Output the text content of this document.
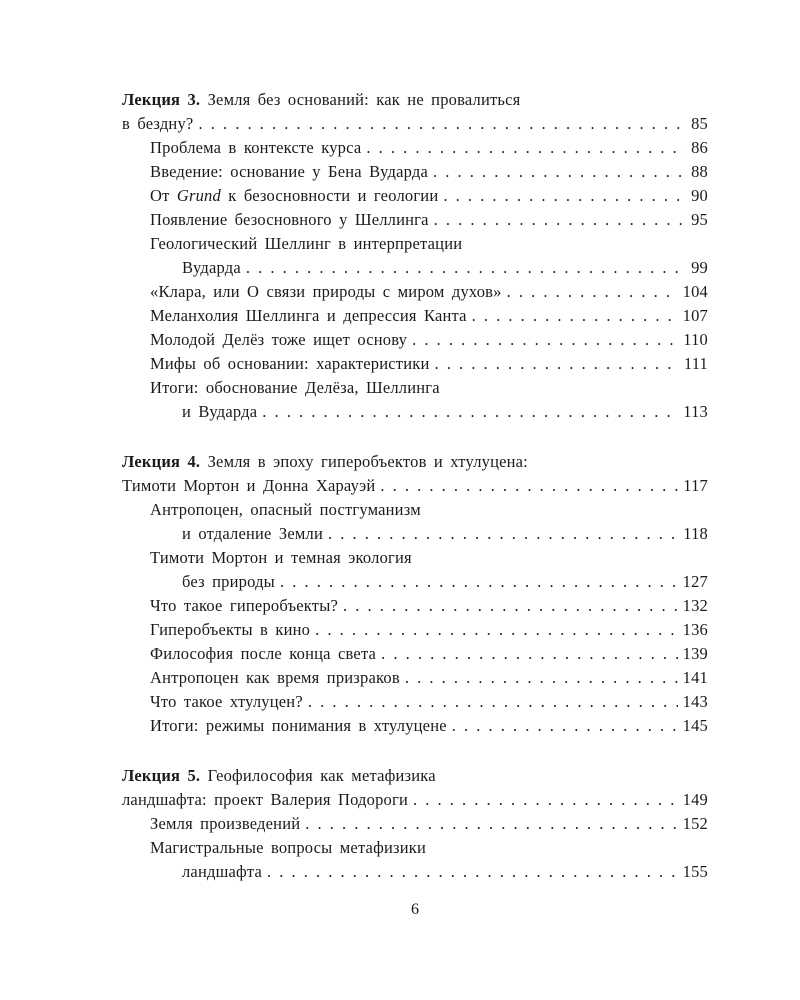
Лекция 3. Земля без оснований: как не провалиться
в бездну? . . .	85
Проблема в контексте курса . . .	86
Введение: основание у Бена Вударда . . .	88
От Grund к безосновности и геологии . . .	90
Появление безосновного у Шеллинга . . .	95
Геологический Шеллинг в интерпретации
Вударда . . .	99
«Клара, или О связи природы с миром духов» . . .	104
Меланхолия Шеллинга и депрессия Канта . . .	107
Молодой Делёз тоже ищет основу . . .	110
Мифы об основании: характеристики . . .	111
Итоги: обоснование Делёза, Шеллинга
и Вударда . . .	113
Лекция 4. Земля в эпоху гиперобъектов и хтулуцена:
Тимоти Мортон и Донна Харауэй . . .	117
Антропоцен, опасный постгуманизм
и отдаление Земли . . .	118
Тимоти Мортон и темная экология
без природы . . .	127
Что такое гиперобъекты? . . .	132
Гиперобъекты в кино . . .	136
Философия после конца света . . .	139
Антропоцен как время призраков . . .	141
Что такое хтулуцен? . . .	143
Итоги: режимы понимания в хтулуцене . . .	145
Лекция 5. Геофилософия как метафизика
ландшафта: проект Валерия Подороги . . .	149
Земля произведений . . .	152
Магистральные вопросы метафизики
ландшафта . . .	155
6
